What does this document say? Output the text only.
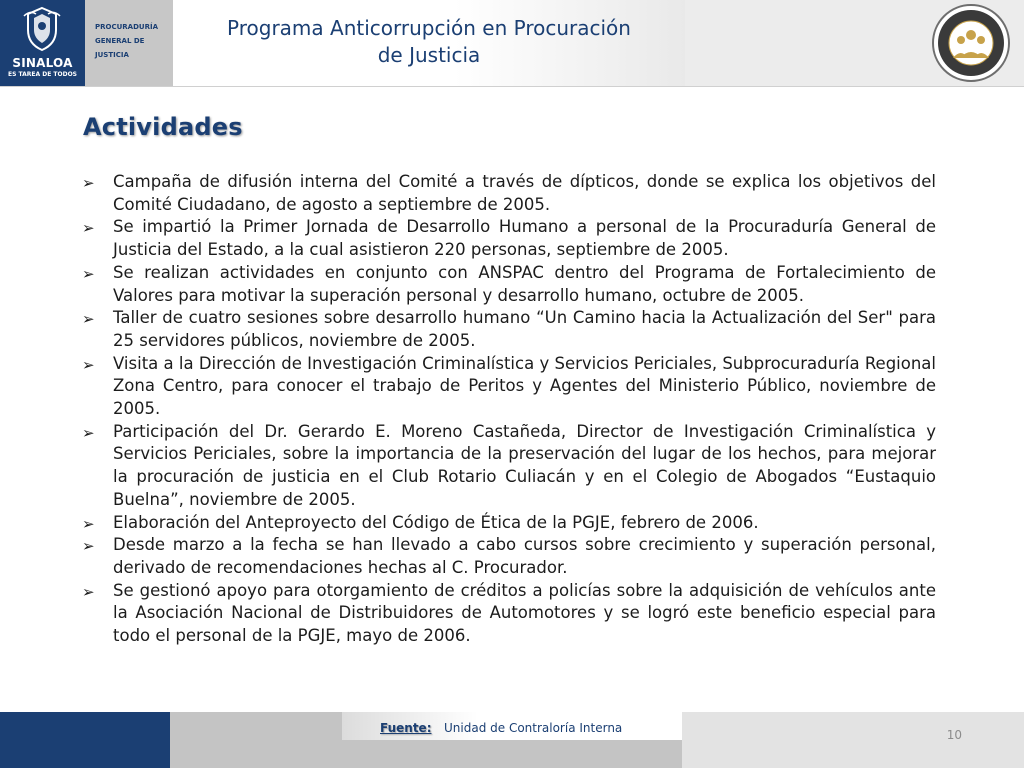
SINALOA
ES TAREA DE TODOS
PROCURADURÍA
GENERAL DE
JUSTICIA
Programa Anticorrupción en Procuración
de Justicia
Actividades
➢ Campaña de difusión interna del Comité a través de dípticos, donde se explica los objetivos del Comité Ciudadano, de agosto a septiembre de 2005.
➢ Se impartió la Primer Jornada de Desarrollo Humano a personal de la Procuraduría General de Justicia del Estado, a la cual asistieron 220 personas, septiembre de 2005.
➢ Se realizan actividades en conjunto con ANSPAC dentro del Programa de Fortalecimiento de Valores para motivar la superación personal y desarrollo humano, octubre de 2005.
➢ Taller de cuatro sesiones sobre desarrollo humano “Un Camino hacia la Actualización del Ser" para 25 servidores públicos, noviembre de 2005.
➢ Visita a la Dirección de Investigación Criminalística y Servicios Periciales, Subprocuraduría Regional Zona Centro, para conocer el trabajo de Peritos y Agentes del Ministerio Público, noviembre de 2005.
➢ Participación del Dr. Gerardo E. Moreno Castañeda, Director de Investigación Criminalística y Servicios Periciales, sobre la importancia de la preservación del lugar de los hechos, para mejorar la procuración de justicia en el Club Rotario Culiacán y en el Colegio de Abogados “Eustaquio Buelna”, noviembre de 2005.
➢ Elaboración del Anteproyecto del Código de Ética de la PGJE, febrero de 2006.
➢ Desde marzo a la fecha se han llevado a cabo cursos sobre crecimiento y superación personal, derivado de recomendaciones hechas al C. Procurador.
➢ Se gestionó apoyo para otorgamiento de créditos a policías sobre la adquisición de vehículos ante la Asociación Nacional de Distribuidores de Automotores y se logró este beneficio especial para todo el personal de la PGJE, mayo de 2006.
Fuente: Unidad de Contraloría Interna	10
